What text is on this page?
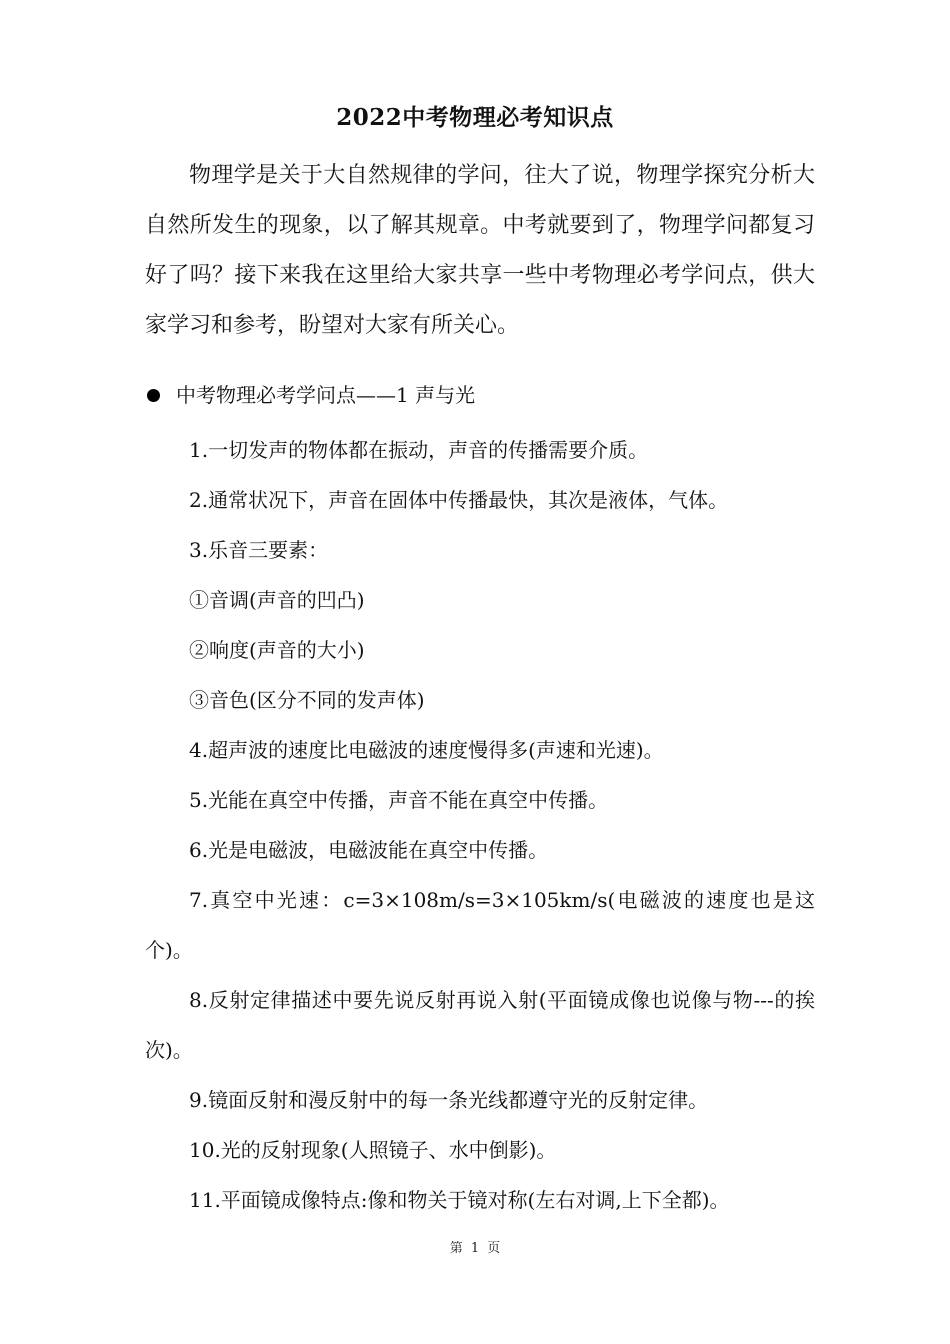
2022中考物理必考知识点

物理学是关于大自然规律的学问，往大了说，物理学探究分析大自然所发生的现象，以了解其规章。中考就要到了，物理学问都复习好了吗？接下来我在这里给大家共享一些中考物理必考学问点，供大家学习和参考，盼望对大家有所关心。

中考物理必考学问点——1 声与光

1.一切发声的物体都在振动，声音的传播需要介质。

2.通常状况下，声音在固体中传播最快，其次是液体，气体。

3.乐音三要素：

①音调(声音的凹凸)

②响度(声音的大小)

③音色(区分不同的发声体)

4.超声波的速度比电磁波的速度慢得多(声速和光速)。

5.光能在真空中传播，声音不能在真空中传播。

6.光是电磁波，电磁波能在真空中传播。

7.真空中光速：c=3×108m/s=3×105km/s(电磁波的速度也是这个)。

8.反射定律描述中要先说反射再说入射(平面镜成像也说像与物---的挨次)。

9.镜面反射和漫反射中的每一条光线都遵守光的反射定律。

10.光的反射现象(人照镜子、水中倒影)。

11.平面镜成像特点:像和物关于镜对称(左右对调,上下全都)。

第 1 页
